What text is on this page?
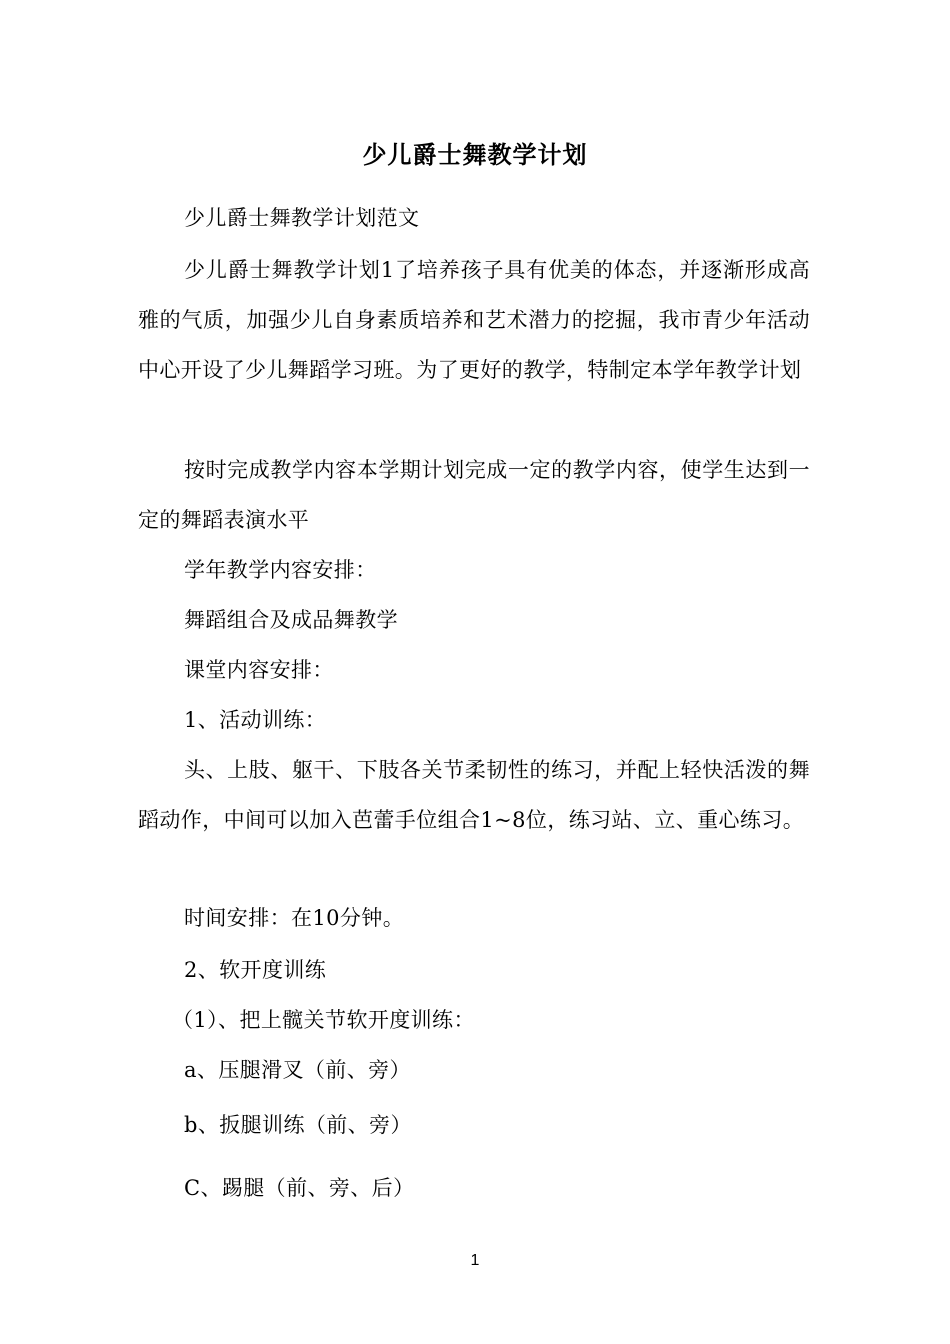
少儿爵士舞教学计划

少儿爵士舞教学计划范文

少儿爵士舞教学计划1了培养孩子具有优美的体态，并逐渐形成高雅的气质，加强少儿自身素质培养和艺术潜力的挖掘，我市青少年活动中心开设了少儿舞蹈学习班。为了更好的教学，特制定本学年教学计划

按时完成教学内容本学期计划完成一定的教学内容，使学生达到一定的舞蹈表演水平

学年教学内容安排：

舞蹈组合及成品舞教学

课堂内容安排：

1、活动训练：

头、上肢、躯干、下肢各关节柔韧性的练习，并配上轻快活泼的舞蹈动作，中间可以加入芭蕾手位组合1~8位，练习站、立、重心练习。

时间安排：在10分钟。

2、软开度训练

（1）、把上髋关节软开度训练：

a、压腿滑叉（前、旁）

b、扳腿训练（前、旁）

C、踢腿（前、旁、后）

1
